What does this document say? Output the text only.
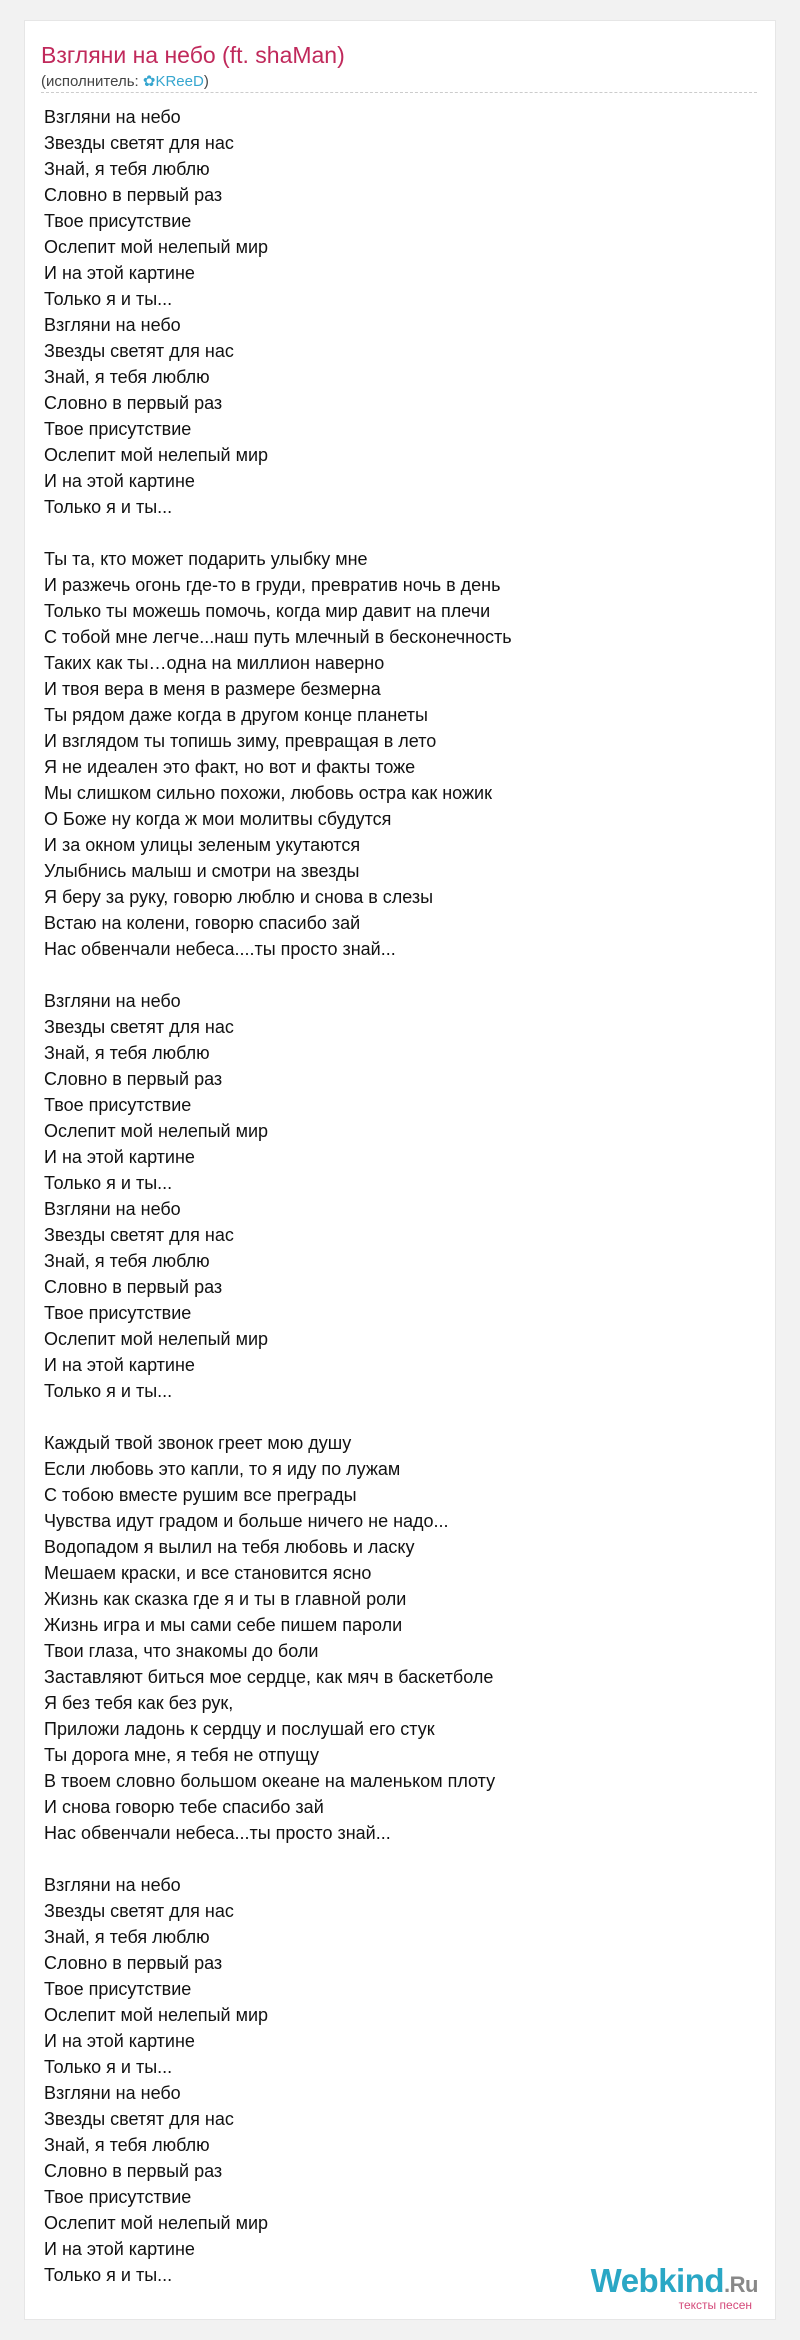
Взгляни на небо (ft. shaMan)
(исполнитель: ✿KReeD)
Взгляни на небо
Звезды светят для нас
Знай, я тебя люблю
Словно в первый раз
Твое присутствие
Ослепит мой нелепый мир
И на этой картине
Только я и ты...
Взгляни на небо
Звезды светят для нас
Знай, я тебя люблю
Словно в первый раз
Твое присутствие
Ослепит мой нелепый мир
И на этой картине
Только я и ты...
Ты та, кто может подарить улыбку мне
И разжечь огонь где-то в груди, превратив ночь в день
Только ты можешь помочь, когда мир давит на плечи
С тобой мне легче...наш путь млечный в бесконечность
Таких как ты…одна на миллион наверно
И твоя вера в меня в размере безмерна
Ты рядом даже когда в другом конце планеты
И взглядом ты топишь зиму, превращая в лето
Я не идеален это факт, но вот и факты тоже
Мы слишком сильно похожи, любовь остра как ножик
О Боже ну когда ж мои молитвы сбудутся
И за окном улицы зеленым укутаются
Улыбнись малыш и смотри на звезды
Я беру за руку, говорю люблю и снова в слезы
Встаю на колени, говорю спасибо зай
Нас обвенчали небеса....ты просто знай...
Взгляни на небо
Звезды светят для нас
Знай, я тебя люблю
Словно в первый раз
Твое присутствие
Ослепит мой нелепый мир
И на этой картине
Только я и ты...
Взгляни на небо
Звезды светят для нас
Знай, я тебя люблю
Словно в первый раз
Твое присутствие
Ослепит мой нелепый мир
И на этой картине
Только я и ты...
Каждый твой звонок греет мою душу
Если любовь это капли, то я иду по лужам
С тобою вместе рушим все преграды
Чувства идут градом и больше ничего не надо...
Водопадом я вылил на тебя любовь и ласку
Мешаем краски, и все становится ясно
Жизнь как сказка где я и ты в главной роли
Жизнь игра и мы сами себе пишем пароли
Твои глаза, что знакомы до боли
Заставляют биться мое сердце, как мяч в баскетболе
Я без тебя как без рук,
Приложи ладонь к сердцу и послушай его стук
Ты дорога мне, я тебя не отпущу
В твоем словно большом океане на маленьком плоту
И снова говорю тебе спасибо зай
Нас обвенчали небеса...ты просто знай...
Взгляни на небо
Звезды светят для нас
Знай, я тебя люблю
Словно в первый раз
Твое присутствие
Ослепит мой нелепый мир
И на этой картине
Только я и ты...
Взгляни на небо
Звезды светят для нас
Знай, я тебя люблю
Словно в первый раз
Твое присутствие
Ослепит мой нелепый мир
И на этой картине
Только я и ты...	Webkind.Ru
тексты песен
